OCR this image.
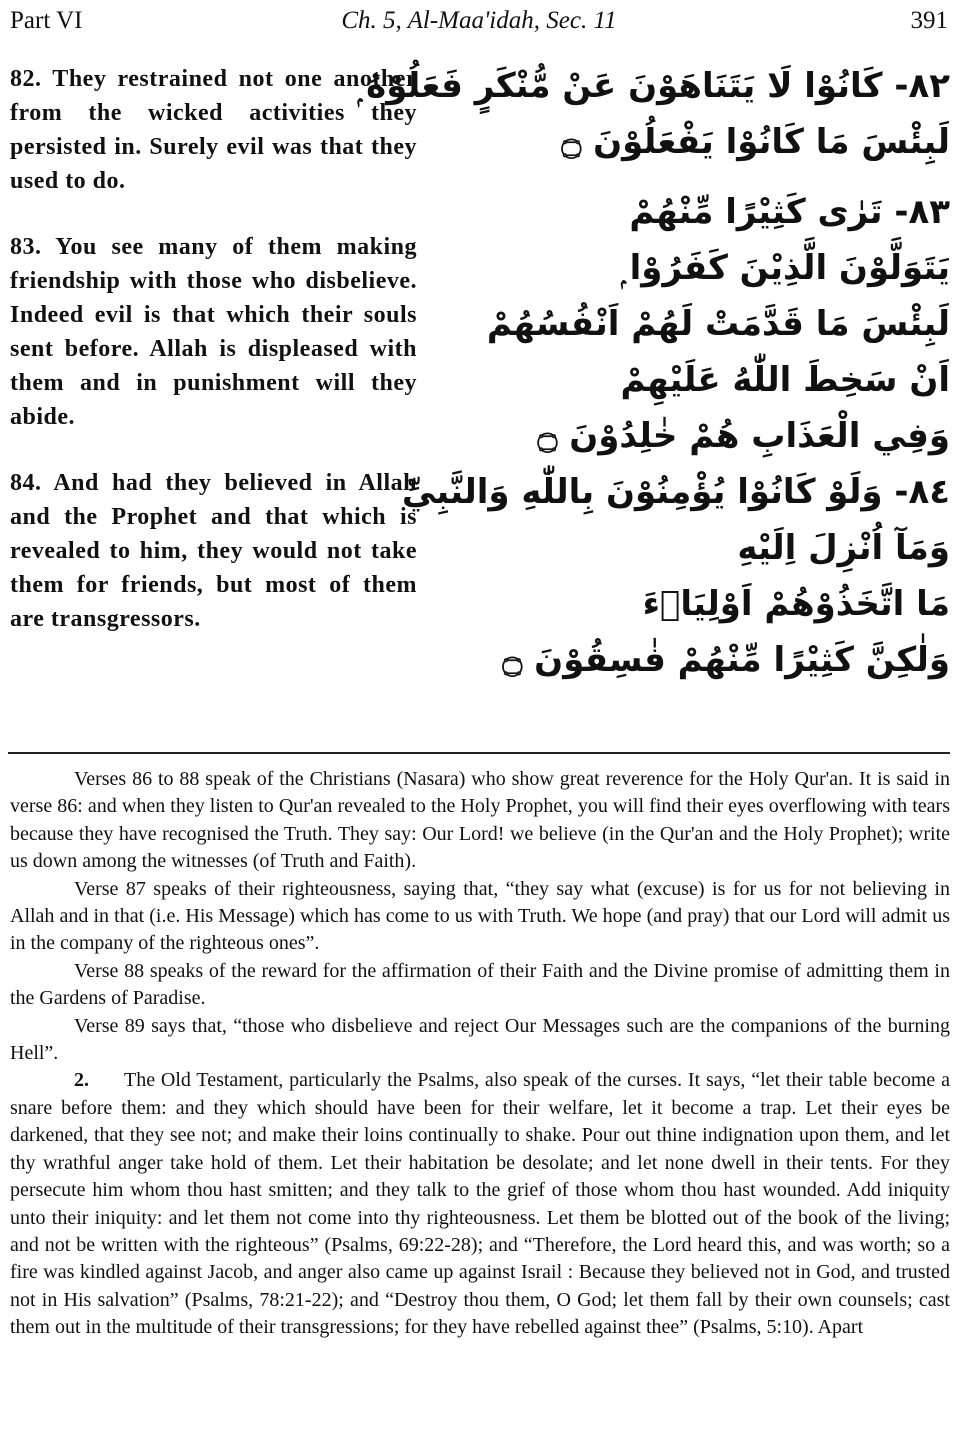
Part VI	Ch. 5, Al-Maa'idah, Sec. 11	391

82. They restrained not one another from the wicked activities they persisted in. Surely evil was that they used to do.

83. You see many of them making friendship with those who disbelieve. Indeed evil is that which their souls sent before. Allah is displeased with them and in punishment will they abide.

84. And had they believed in Allah and the Prophet and that which is revealed to him, they would not take them for friends, but most of them are transgressors.

٨٢- كَانُوْا لَا يَتَنَاهَوْنَ عَنْ مُّنْكَرٍ فَعَلُوْهُ ۭ
لَبِئْسَ مَا كَانُوْا يَفْعَلُوْنَ ۝
٨٣- تَرٰى كَثِيْرًا مِّنْهُمْ
يَتَوَلَّوْنَ الَّذِيْنَ كَفَرُوْا ۭ
لَبِئْسَ مَا قَدَّمَتْ لَهُمْ اَنْفُسُهُمْ
اَنْ سَخِطَ اللّٰهُ عَلَيْهِمْ
وَفِي الْعَذَابِ هُمْ خٰلِدُوْنَ ۝
٨٤- وَلَوْ كَانُوْا يُؤْمِنُوْنَ بِاللّٰهِ وَالنَّبِيِّ
وَمَآ اُنْزِلَ اِلَيْهِ
مَا اتَّخَذُوْهُمْ اَوْلِيَاۗءَ
وَلٰكِنَّ كَثِيْرًا مِّنْهُمْ فٰسِقُوْنَ ۝

Verses 86 to 88 speak of the Christians (Nasara) who show great reverence for the Holy Qur'an. It is said in verse 86: and when they listen to Qur'an revealed to the Holy Prophet, you will find their eyes overflowing with tears because they have recognised the Truth. They say: Our Lord! we believe (in the Qur'an and the Holy Prophet); write us down among the witnesses (of Truth and Faith).

Verse 87 speaks of their righteousness, saying that, “they say what (excuse) is for us for not believing in Allah and in that (i.e. His Message) which has come to us with Truth. We hope (and pray) that our Lord will admit us in the company of the righteous ones”.

Verse 88 speaks of the reward for the affirmation of their Faith and the Divine promise of admitting them in the Gardens of Paradise.

Verse 89 says that, “those who disbelieve and reject Our Messages such are the companions of the burning Hell”.

2. The Old Testament, particularly the Psalms, also speak of the curses. It says, “let their table become a snare before them: and they which should have been for their welfare, let it become a trap. Let their eyes be darkened, that they see not; and make their loins continually to shake. Pour out thine indignation upon them, and let thy wrathful anger take hold of them. Let their habitation be desolate; and let none dwell in their tents. For they persecute him whom thou hast smitten; and they talk to the grief of those whom thou hast wounded. Add iniquity unto their iniquity: and let them not come into thy righteousness. Let them be blotted out of the book of the living; and not be written with the righteous” (Psalms, 69:22-28); and “Therefore, the Lord heard this, and was worth; so a fire was kindled against Jacob, and anger also came up against Israil : Because they believed not in God, and trusted not in His salvation” (Psalms, 78:21-22); and “Destroy thou them, O God; let them fall by their own counsels; cast them out in the multitude of their transgressions; for they have rebelled against thee” (Psalms, 5:10). Apart
